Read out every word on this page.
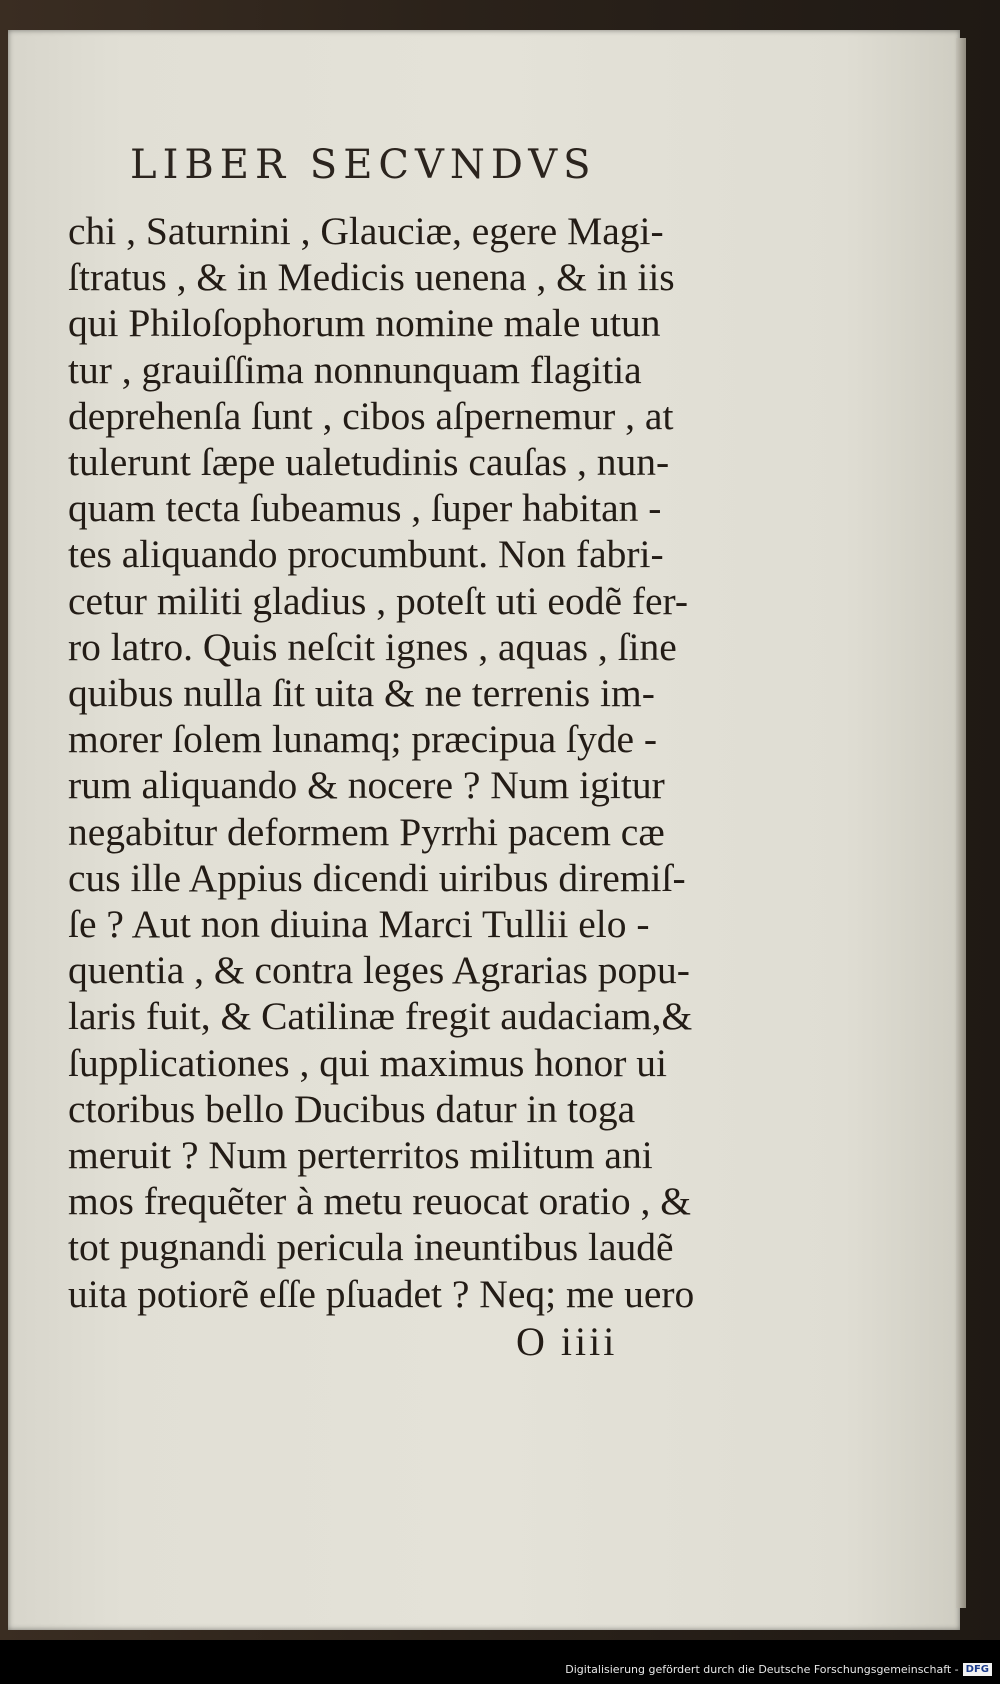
LIBER SECVNDVS
chi , Saturnini , Glauciæ, egere Magi-
ſtratus , & in Medicis uenena , & in iis
qui Philoſophorum nomine male utun
tur , grauiſſima nonnunquam flagitia
deprehenſa ſunt , cibos aſpernemur , at
tulerunt ſæpe ualetudinis cauſas , nun-
quam tecta ſubeamus , ſuper habitan -
tes aliquando procumbunt. Non fabri-
cetur militi gladius , poteſt uti eodẽ fer-
ro latro. Quis neſcit ignes , aquas , ſine
quibus nulla ſit uita & ne terrenis im-
morer ſolem lunamq; præcipua ſyde -
rum aliquando & nocere ? Num igitur
negabitur deformem Pyrrhi pacem cæ
cus ille Appius dicendi uiribus diremiſ-
ſe ? Aut non diuina Marci Tullii elo -
quentia , & contra leges Agrarias popu-
laris fuit, & Catilinæ fregit audaciam,&
ſupplicationes , qui maximus honor ui
ctoribus bello Ducibus datur in toga
meruit ? Num perterritos militum ani
mos frequẽter à metu reuocat oratio , &
tot pugnandi pericula ineuntibus laudẽ
uita potiorẽ eſſe pſuadet ? Neq; me uero
O iiii
Digitalisierung gefördert durch die Deutsche Forschungsgemeinschaft - DFG
